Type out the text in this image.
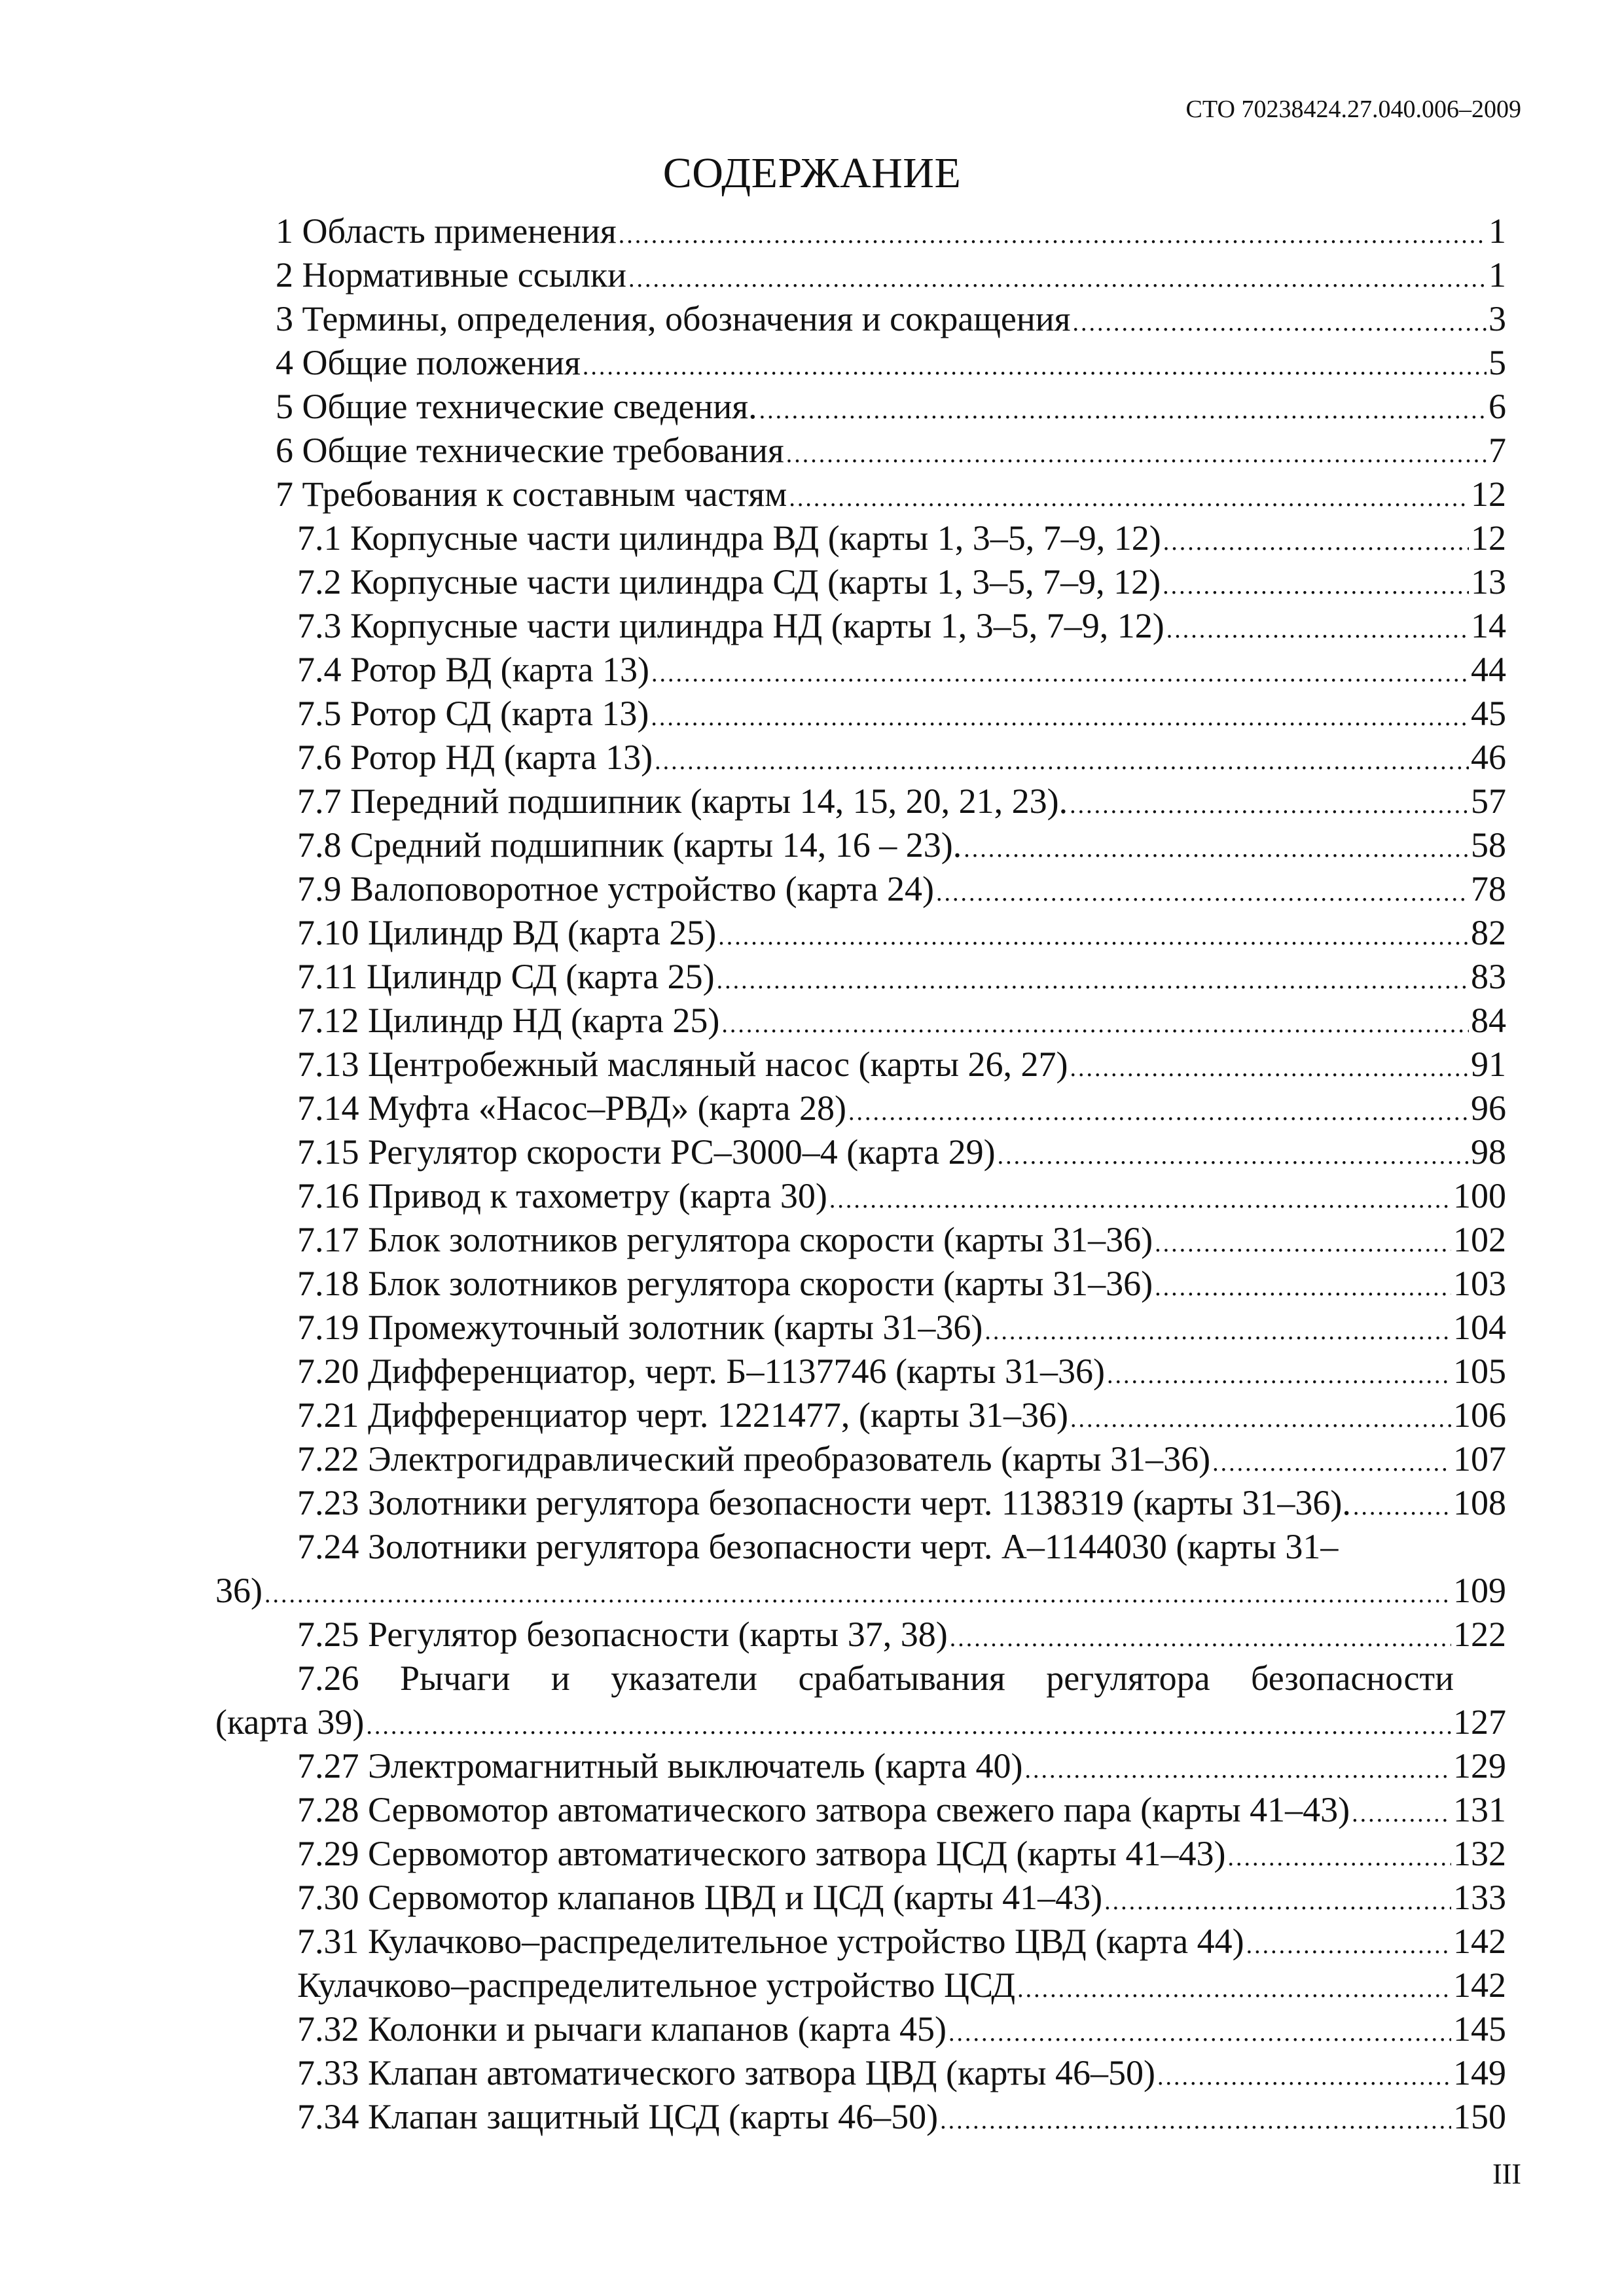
СТО 70238424.27.040.006–2009
СОДЕРЖАНИЕ
1 Область применения .....	1
2 Нормативные ссылки .....	1
3 Термины, определения, обозначения и сокращения .....	3
4 Общие положения .....	5
5 Общие технические сведения. .....	6
6 Общие технические требования .....	7
7 Требования к составным частям .....	12
7.1 Корпусные части цилиндра ВД (карты 1, 3–5, 7–9, 12) .....	12
7.2 Корпусные части цилиндра СД (карты 1, 3–5, 7–9, 12) .....	13
7.3 Корпусные части цилиндра НД (карты 1, 3–5, 7–9, 12) .....	14
7.4 Ротор ВД (карта 13) .....	44
7.5 Ротор СД (карта 13) .....	45
7.6 Ротор НД (карта 13) .....	46
7.7 Передний подшипник (карты 14, 15, 20, 21, 23). .....	57
7.8 Средний подшипник (карты 14, 16 – 23). .....	58
7.9 Валоповоротное устройство (карта 24) .....	78
7.10 Цилиндр ВД (карта 25) .....	82
7.11 Цилиндр СД (карта 25) .....	83
7.12 Цилиндр НД (карта 25) .....	84
7.13 Центробежный масляный насос (карты 26, 27) .....	91
7.14 Муфта «Насос–РВД» (карта 28) .....	96
7.15 Регулятор скорости РС–3000–4 (карта 29) .....	98
7.16 Привод к тахометру (карта 30) .....	100
7.17 Блок золотников регулятора скорости (карты 31–36) .....	102
7.18 Блок золотников регулятора скорости (карты 31–36) .....	103
7.19 Промежуточный золотник (карты 31–36) .....	104
7.20 Дифференциатор, черт. Б–1137746 (карты 31–36) .....	105
7.21 Дифференциатор черт. 1221477, (карты 31–36) .....	106
7.22 Электрогидравлический преобразователь (карты 31–36) .....	107
7.23 Золотники регулятора безопасности черт. 1138319 (карты 31–36). .....	108
7.24 Золотники регулятора безопасности черт. А–1144030 (карты 31–
36) .....	109
7.25 Регулятор безопасности (карты 37, 38) .....	122
7.26 Рычаги и указатели срабатывания регулятора безопасности
(карта 39) .....	127
7.27 Электромагнитный выключатель (карта 40) .....	129
7.28 Сервомотор автоматического затвора свежего пара (карты 41–43) .....	131
7.29 Сервомотор автоматического затвора ЦСД (карты 41–43) .....	132
7.30 Сервомотор клапанов ЦВД и ЦСД (карты 41–43) .....	133
7.31 Кулачково–распределительное устройство ЦВД (карта 44) .....	142
Кулачково–распределительное устройство ЦСД .....	142
7.32 Колонки и рычаги клапанов (карта 45) .....	145
7.33 Клапан автоматического затвора ЦВД (карты 46–50) .....	149
7.34 Клапан защитный ЦСД (карты 46–50) .....	150
III
